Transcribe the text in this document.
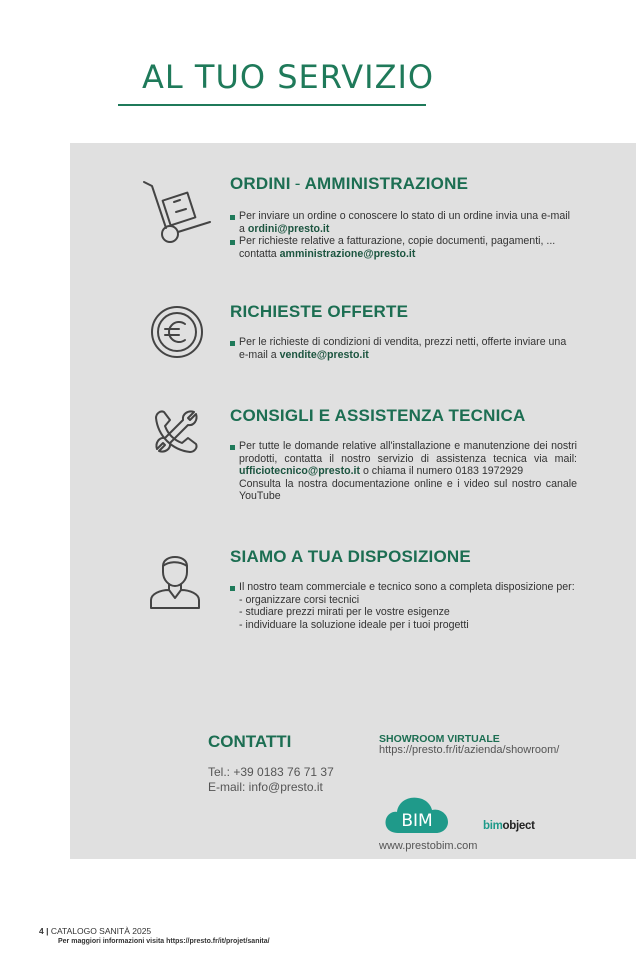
AL TUO SERVIZIO
ORDINI - AMMINISTRAZIONE
Per inviare un ordine o conoscere lo stato di un ordine invia una e-mail a ordini@presto.it
Per richieste relative a fatturazione, copie documenti, pagamenti, ... contatta amministrazione@presto.it
RICHIESTE OFFERTE
Per le richieste di condizioni di vendita, prezzi netti, offerte inviare una e-mail a vendite@presto.it
CONSIGLI E ASSISTENZA TECNICA
Per tutte le domande relative all'installazione e manutenzione dei nostri prodotti, contatta il nostro servizio di assistenza tecnica via mail: ufficiotecnico@presto.it o chiama il numero 0183 1972929
Consulta la nostra documentazione online e i video sul nostro canale YouTube
SIAMO A TUA DISPOSIZIONE
Il nostro team commerciale e tecnico sono a completa disposizione per:
- organizzare corsi tecnici
- studiare prezzi mirati per le vostre esigenze
- individuare la soluzione ideale per i tuoi progetti
CONTATTI
Tel.: +39 0183 76 71 37
E-mail: info@presto.it
SHOWROOM VIRTUALE
https://presto.fr/it/azienda/showroom/
BIM	bimobject
www.prestobim.com
4 | CATALOGO SANITÀ 2025
Per maggiori informazioni visita https://presto.fr/it/projet/sanita/
